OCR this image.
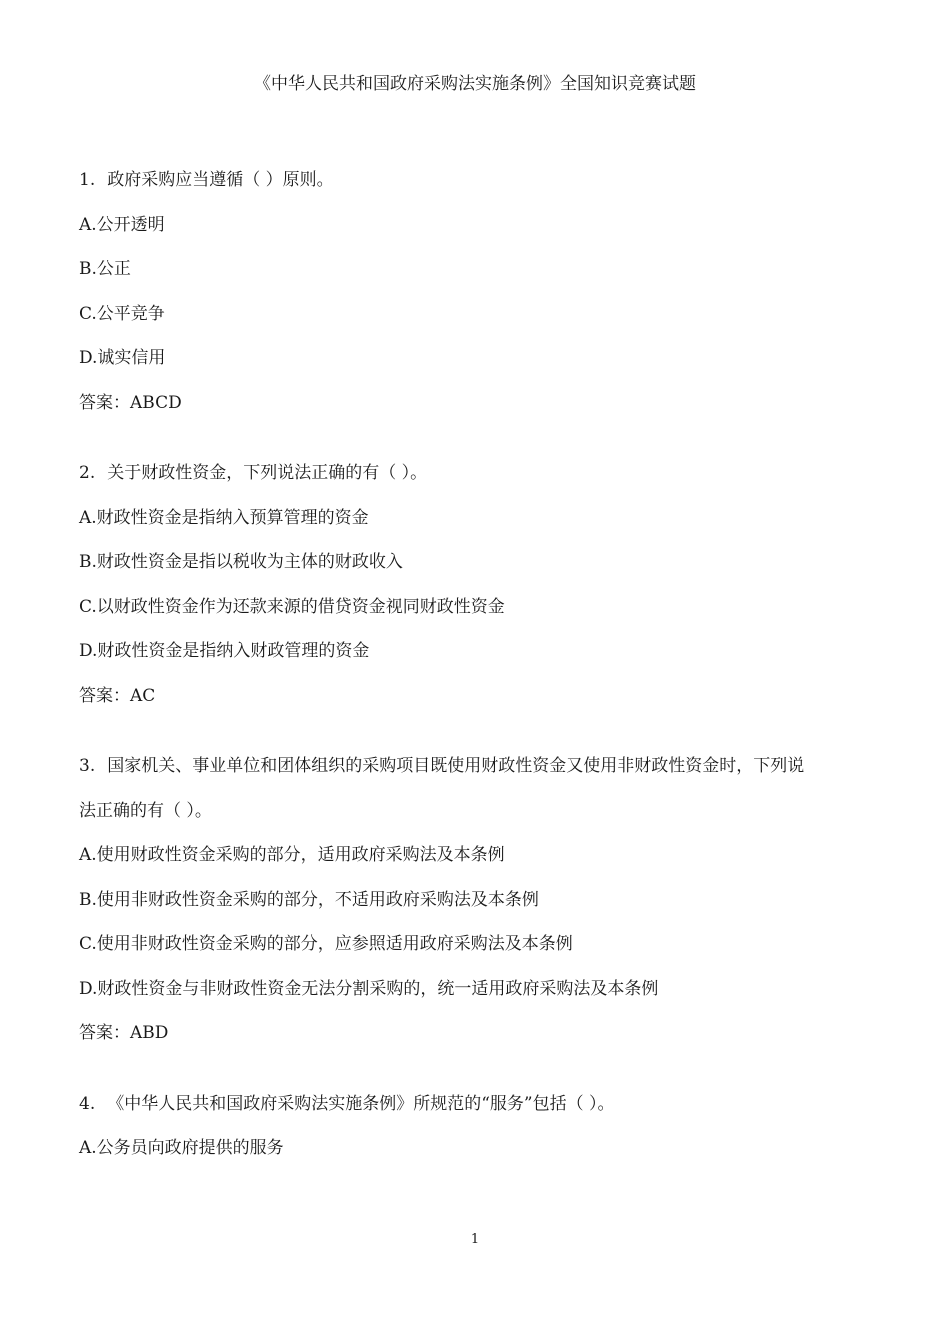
《中华人民共和国政府采购法实施条例》全国知识竞赛试题
1. 政府采购应当遵循（ ）原则。
A.公开透明
B.公正
C.公平竞争
D.诚实信用
答案：ABCD
2. 关于财政性资金，下列说法正确的有（ ）。
A.财政性资金是指纳入预算管理的资金
B.财政性资金是指以税收为主体的财政收入
C.以财政性资金作为还款来源的借贷资金视同财政性资金
D.财政性资金是指纳入财政管理的资金
答案：AC
3. 国家机关、事业单位和团体组织的采购项目既使用财政性资金又使用非财政性资金时，下列说
法正确的有（ ）。
A.使用财政性资金采购的部分，适用政府采购法及本条例
B.使用非财政性资金采购的部分，不适用政府采购法及本条例
C.使用非财政性资金采购的部分，应参照适用政府采购法及本条例
D.财政性资金与非财政性资金无法分割采购的，统一适用政府采购法及本条例
答案：ABD
4. 《中华人民共和国政府采购法实施条例》所规范的“服务”包括（ ）。
A.公务员向政府提供的服务
1
